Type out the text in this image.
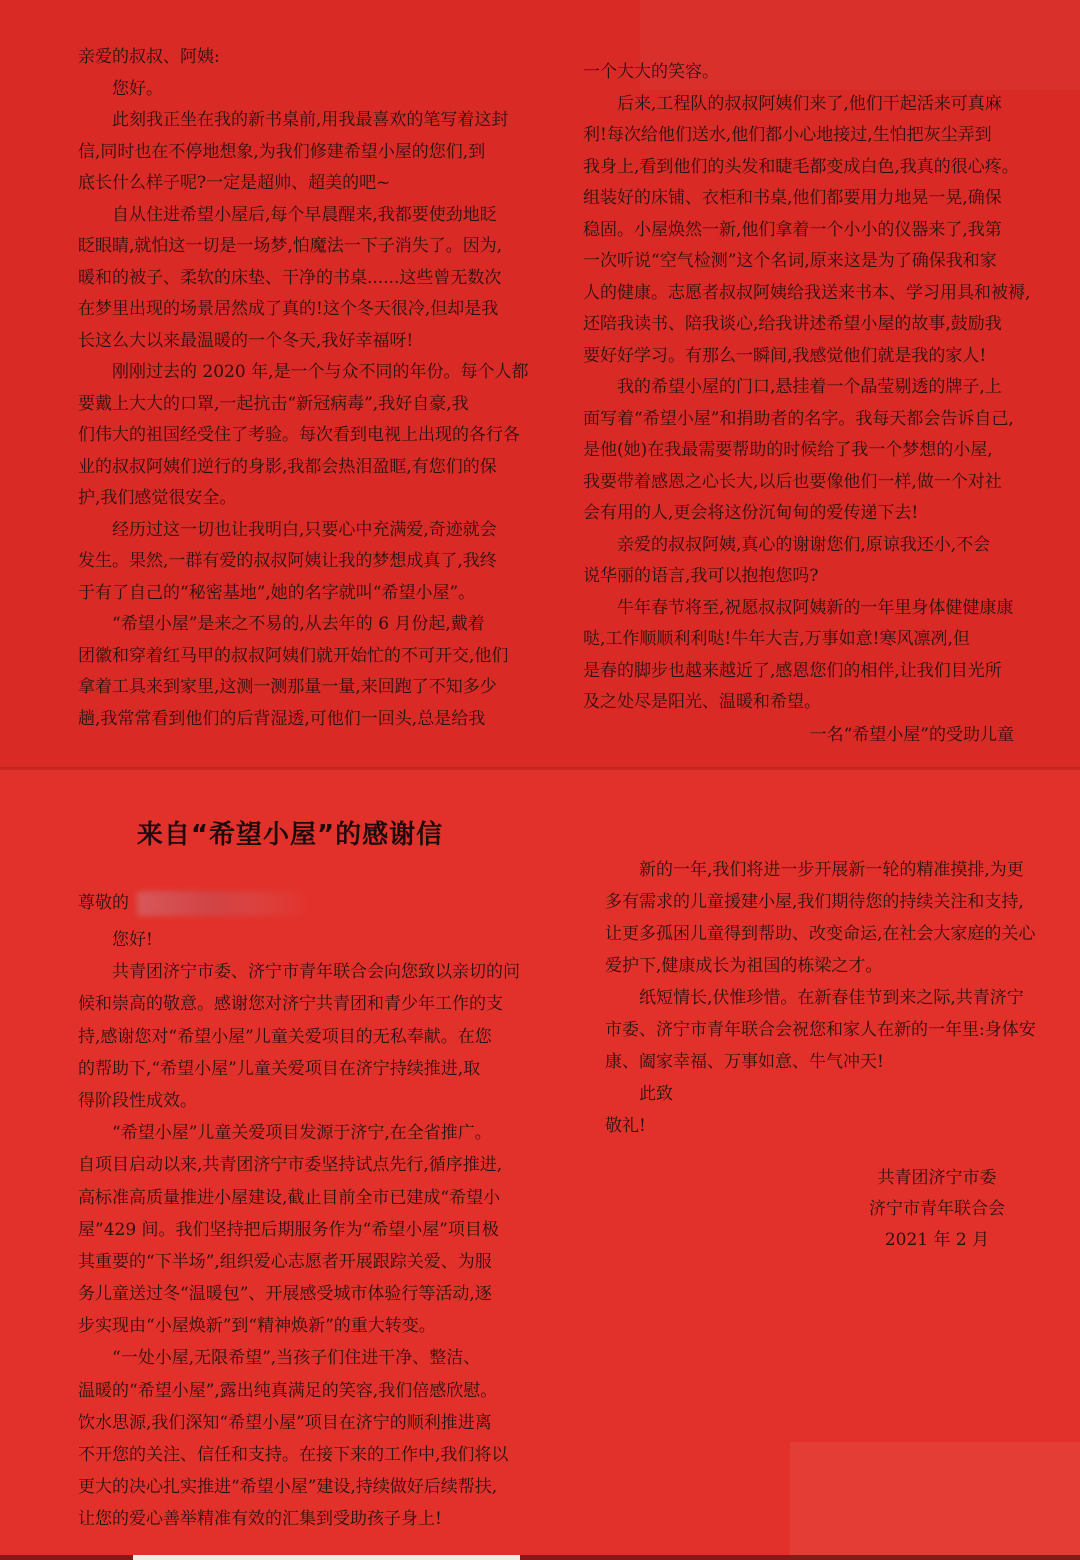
亲爱的叔叔、阿姨:
　　您好。
　　此刻我正坐在我的新书桌前,用我最喜欢的笔写着这封
信,同时也在不停地想象,为我们修建希望小屋的您们,到
底长什么样子呢?一定是超帅、超美的吧~
　　自从住进希望小屋后,每个早晨醒来,我都要使劲地眨
眨眼睛,就怕这一切是一场梦,怕魔法一下子消失了。因为,
暖和的被子、柔软的床垫、干净的书桌......这些曾无数次
在梦里出现的场景居然成了真的!这个冬天很冷,但却是我
长这么大以来最温暖的一个冬天,我好幸福呀!
　　刚刚过去的 2020 年,是一个与众不同的年份。每个人都
要戴上大大的口罩,一起抗击“新冠病毒”,我好自豪,我
们伟大的祖国经受住了考验。每次看到电视上出现的各行各
业的叔叔阿姨们逆行的身影,我都会热泪盈眶,有您们的保
护,我们感觉很安全。
　　经历过这一切也让我明白,只要心中充满爱,奇迹就会
发生。果然,一群有爱的叔叔阿姨让我的梦想成真了,我终
于有了自己的“秘密基地”,她的名字就叫“希望小屋”。
　　“希望小屋”是来之不易的,从去年的 6 月份起,戴着
团徽和穿着红马甲的叔叔阿姨们就开始忙的不可开交,他们
拿着工具来到家里,这测一测那量一量,来回跑了不知多少
趟,我常常看到他们的后背湿透,可他们一回头,总是给我
一个大大的笑容。
　　后来,工程队的叔叔阿姨们来了,他们干起活来可真麻
利!每次给他们送水,他们都小心地接过,生怕把灰尘弄到
我身上,看到他们的头发和睫毛都变成白色,我真的很心疼。
组装好的床铺、衣柜和书桌,他们都要用力地晃一晃,确保
稳固。小屋焕然一新,他们拿着一个小小的仪器来了,我第
一次听说“空气检测”这个名词,原来这是为了确保我和家
人的健康。志愿者叔叔阿姨给我送来书本、学习用具和被褥,
还陪我读书、陪我谈心,给我讲述希望小屋的故事,鼓励我
要好好学习。有那么一瞬间,我感觉他们就是我的家人!
　　我的希望小屋的门口,悬挂着一个晶莹剔透的牌子,上
面写着“希望小屋”和捐助者的名字。我每天都会告诉自己,
是他(她)在我最需要帮助的时候给了我一个梦想的小屋,
我要带着感恩之心长大,以后也要像他们一样,做一个对社
会有用的人,更会将这份沉甸甸的爱传递下去!
　　亲爱的叔叔阿姨,真心的谢谢您们,原谅我还小,不会
说华丽的语言,我可以抱抱您吗?
　　牛年春节将至,祝愿叔叔阿姨新的一年里身体健健康康
哒,工作顺顺利利哒!牛年大吉,万事如意!寒风凛冽,但
是春的脚步也越来越近了,感恩您们的相伴,让我们目光所
及之处尽是阳光、温暖和希望。
一名“希望小屋”的受助儿童
来自“希望小屋”的感谢信
尊敬的
　　您好!
　　共青团济宁市委、济宁市青年联合会向您致以亲切的问
候和崇高的敬意。感谢您对济宁共青团和青少年工作的支
持,感谢您对“希望小屋”儿童关爱项目的无私奉献。在您
的帮助下,“希望小屋”儿童关爱项目在济宁持续推进,取
得阶段性成效。
　　“希望小屋”儿童关爱项目发源于济宁,在全省推广。
自项目启动以来,共青团济宁市委坚持试点先行,循序推进,
高标准高质量推进小屋建设,截止目前全市已建成“希望小
屋”429 间。我们坚持把后期服务作为“希望小屋”项目极
其重要的“下半场”,组织爱心志愿者开展跟踪关爱、为服
务儿童送过冬“温暖包”、开展感受城市体验行等活动,逐
步实现由“小屋焕新”到“精神焕新”的重大转变。
　　“一处小屋,无限希望”,当孩子们住进干净、整洁、
温暖的“希望小屋”,露出纯真满足的笑容,我们倍感欣慰。
饮水思源,我们深知“希望小屋”项目在济宁的顺利推进离
不开您的关注、信任和支持。在接下来的工作中,我们将以
更大的决心扎实推进“希望小屋”建设,持续做好后续帮扶,
让您的爱心善举精准有效的汇集到受助孩子身上!
　　新的一年,我们将进一步开展新一轮的精准摸排,为更
多有需求的儿童援建小屋,我们期待您的持续关注和支持,
让更多孤困儿童得到帮助、改变命运,在社会大家庭的关心
爱护下,健康成长为祖国的栋梁之才。
　　纸短情长,伏惟珍惜。在新春佳节到来之际,共青济宁
市委、济宁市青年联合会祝您和家人在新的一年里:身体安
康、阖家幸福、万事如意、牛气冲天!
　　此致
敬礼!
共青团济宁市委
济宁市青年联合会
2021 年 2 月
